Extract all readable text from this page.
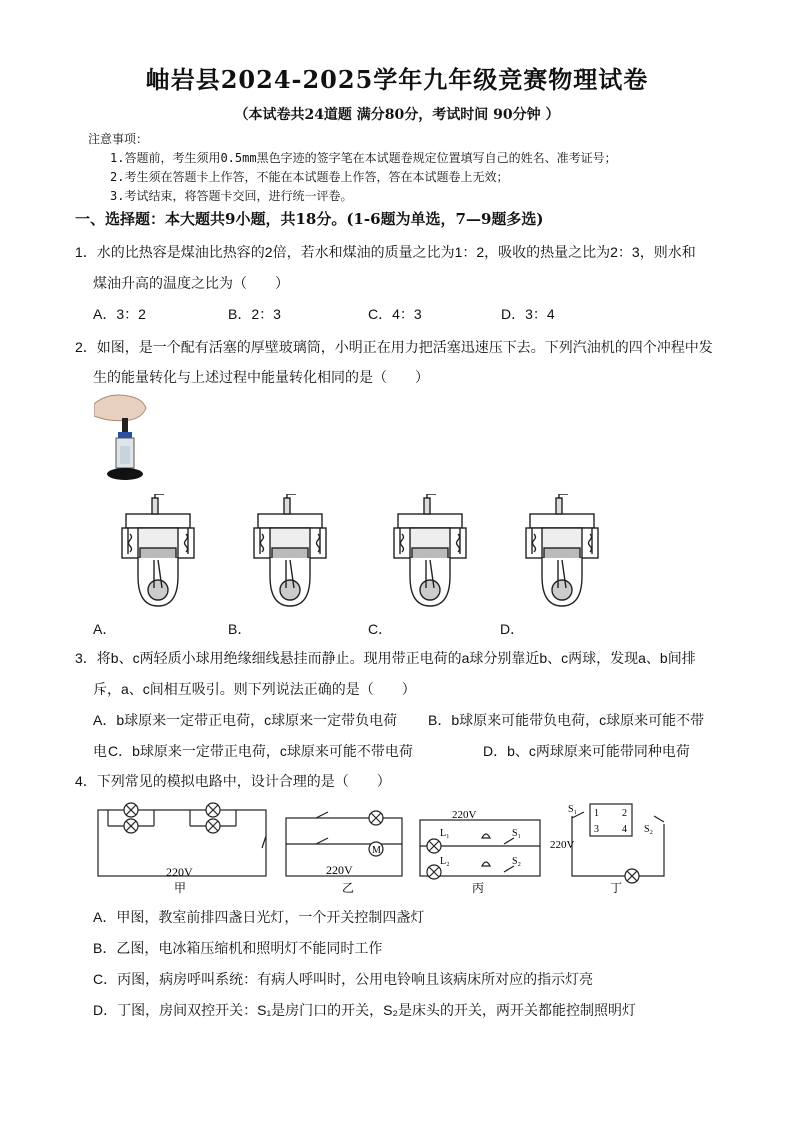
岫岩县2024-2025学年九年级竞赛物理试卷
（本试卷共24道题 满分80分，考试时间 90分钟 ）
注意事项：
1.答题前，考生须用0.5mm黑色字迹的签字笔在本试题卷规定位置填写自己的姓名、准考证号；
2.考生须在答题卡上作答，不能在本试题卷上作答，答在本试题卷上无效；
3.考试结束，将答题卡交回，进行统一评卷。
一、选择题：本大题共9小题，共18分。(1-6题为单选，7—9题多选)
1．水的比热容是煤油比热容的2倍，若水和煤油的质量之比为1：2，吸收的热量之比为2：3，则水和
煤油升高的温度之比为（　　）
A．3：2	B．2：3	C．4：3	D．3：4
2．如图，是一个配有活塞的厚壁玻璃筒，小明正在用力把活塞迅速压下去。下列汽油机的四个冲程中发
生的能量转化与上述过程中能量转化相同的是（　　）
A．	B．	C．	D．
3．将b、c两轻质小球用绝缘细线悬挂而静止。现用带正电荷的a球分别靠近b、c两球，发现a、b间排
斥，a、c间相互吸引。则下列说法正确的是（　　）
A．b球原来一定带正电荷，c球原来一定带负电荷 B．b球原来可能带负电荷，c球原来可能不带
电 C．b球原来一定带正电荷，c球原来可能不带电荷	D．b、c两球原来可能带同种电荷
4．下列常见的模拟电路中，设计合理的是（　　）
220V
甲
M
220V
乙
220V
L₁
L₂
S₁
S₂
丙
S₁ 1 2
3 4 S₂
220V
丁
A．甲图，教室前排四盏日光灯，一个开关控制四盏灯
B．乙图，电冰箱压缩机和照明灯不能同时工作
C．丙图，病房呼叫系统：有病人呼叫时，公用电铃响且该病床所对应的指示灯亮
D．丁图，房间双控开关：S₁是房门口的开关，S₂是床头的开关，两开关都能控制照明灯
